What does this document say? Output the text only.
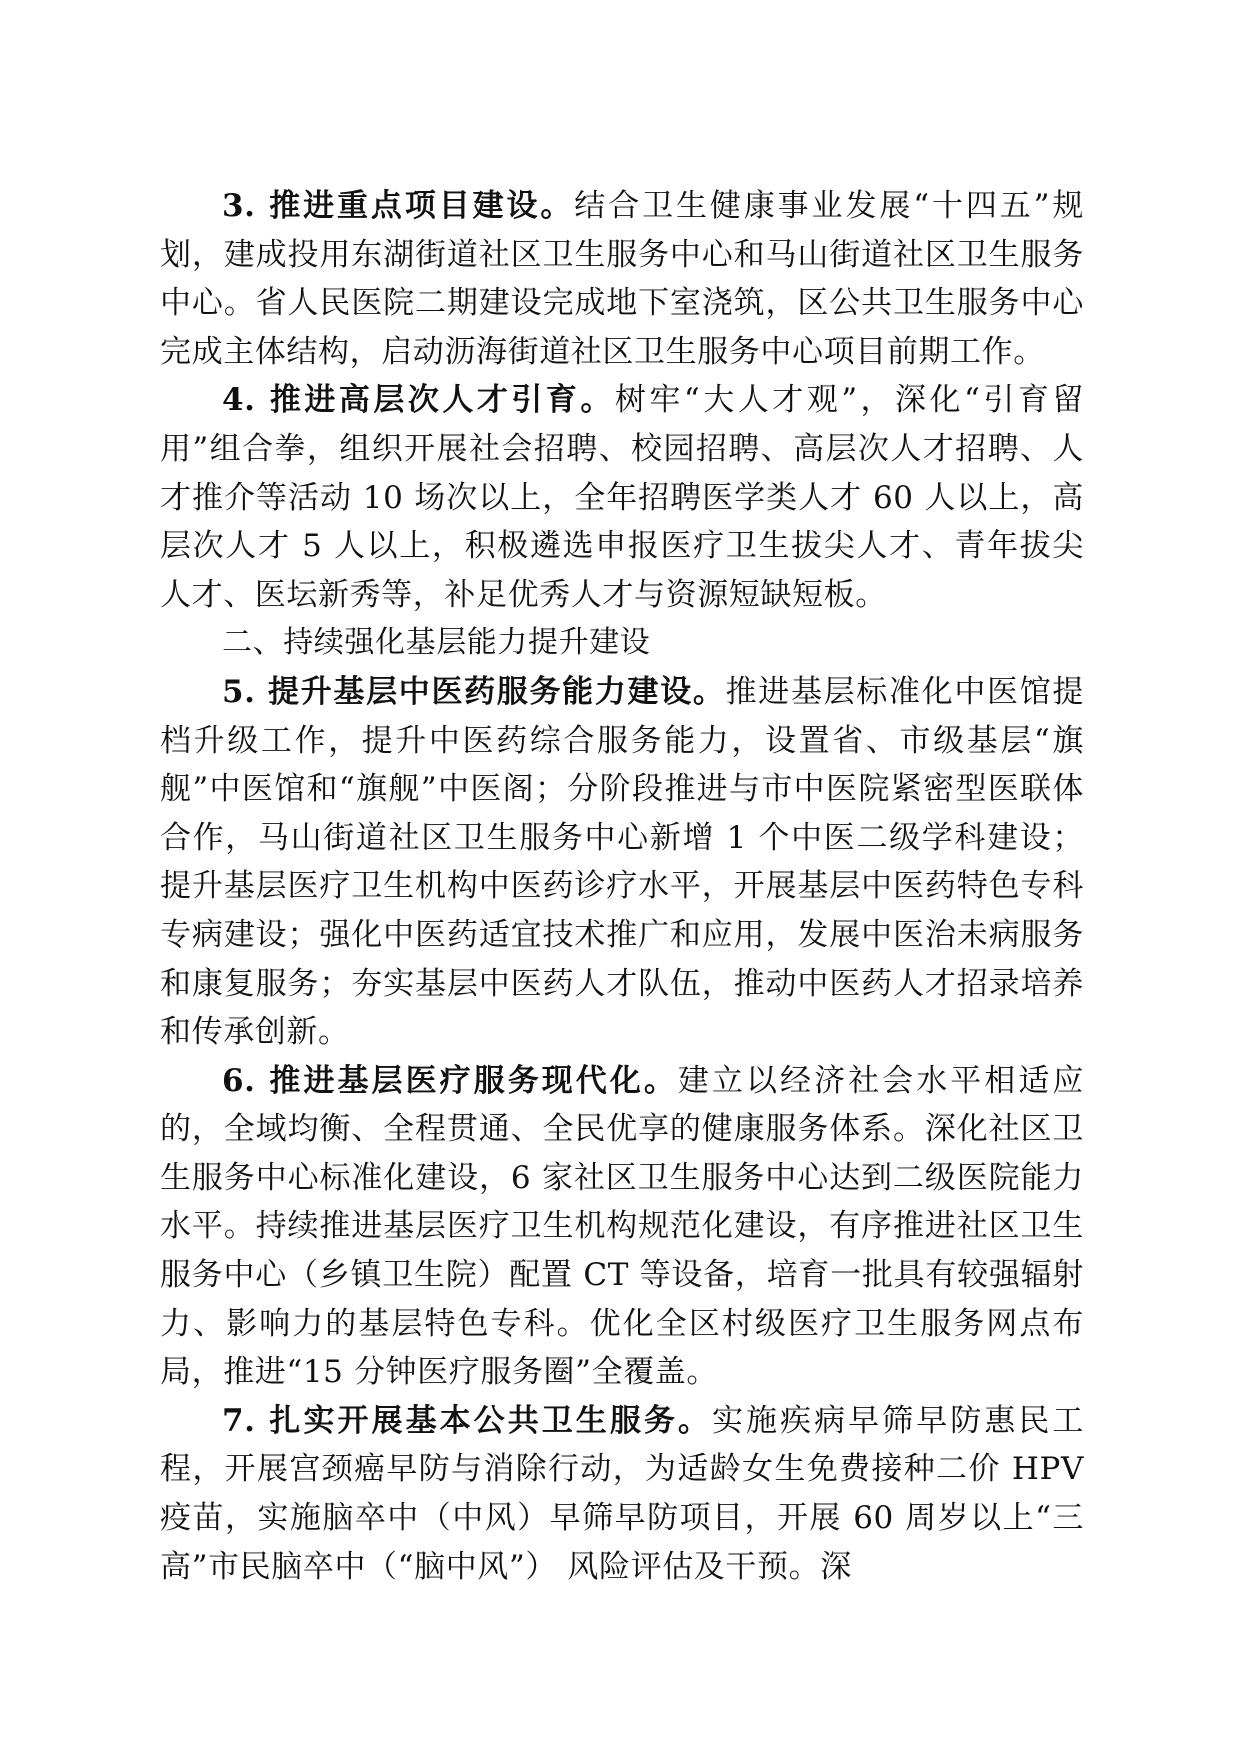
3. 推进重点项目建设。结合卫生健康事业发展“十四五”规划，建成投用东湖街道社区卫生服务中心和马山街道社区卫生服务中心。省人民医院二期建设完成地下室浇筑，区公共卫生服务中心完成主体结构，启动沥海街道社区卫生服务中心项目前期工作。

4. 推进高层次人才引育。树牢“大人才观”，深化“引育留用”组合拳，组织开展社会招聘、校园招聘、高层次人才招聘、人才推介等活动 10 场次以上，全年招聘医学类人才 60 人以上，高层次人才 5 人以上，积极遴选申报医疗卫生拔尖人才、青年拔尖人才、医坛新秀等，补足优秀人才与资源短缺短板。

二、持续强化基层能力提升建设

5. 提升基层中医药服务能力建设。推进基层标准化中医馆提档升级工作，提升中医药综合服务能力，设置省、市级基层“旗舰”中医馆和“旗舰”中医阁；分阶段推进与市中医院紧密型医联体合作，马山街道社区卫生服务中心新增 1 个中医二级学科建设；提升基层医疗卫生机构中医药诊疗水平，开展基层中医药特色专科专病建设；强化中医药适宜技术推广和应用，发展中医治未病服务和康复服务；夯实基层中医药人才队伍，推动中医药人才招录培养和传承创新。

6. 推进基层医疗服务现代化。建立以经济社会水平相适应的，全域均衡、全程贯通、全民优享的健康服务体系。深化社区卫生服务中心标准化建设，6 家社区卫生服务中心达到二级医院能力水平。持续推进基层医疗卫生机构规范化建设，有序推进社区卫生服务中心（乡镇卫生院）配置 CT 等设备，培育一批具有较强辐射力、影响力的基层特色专科。优化全区村级医疗卫生服务网点布局，推进“15 分钟医疗服务圈”全覆盖。

7. 扎实开展基本公共卫生服务。实施疾病早筛早防惠民工程，开展宫颈癌早防与消除行动，为适龄女生免费接种二价 HPV 疫苗，实施脑卒中（中风）早筛早防项目，开展 60 周岁以上“三高”市民脑卒中（“脑中风”） 风险评估及干预。深
